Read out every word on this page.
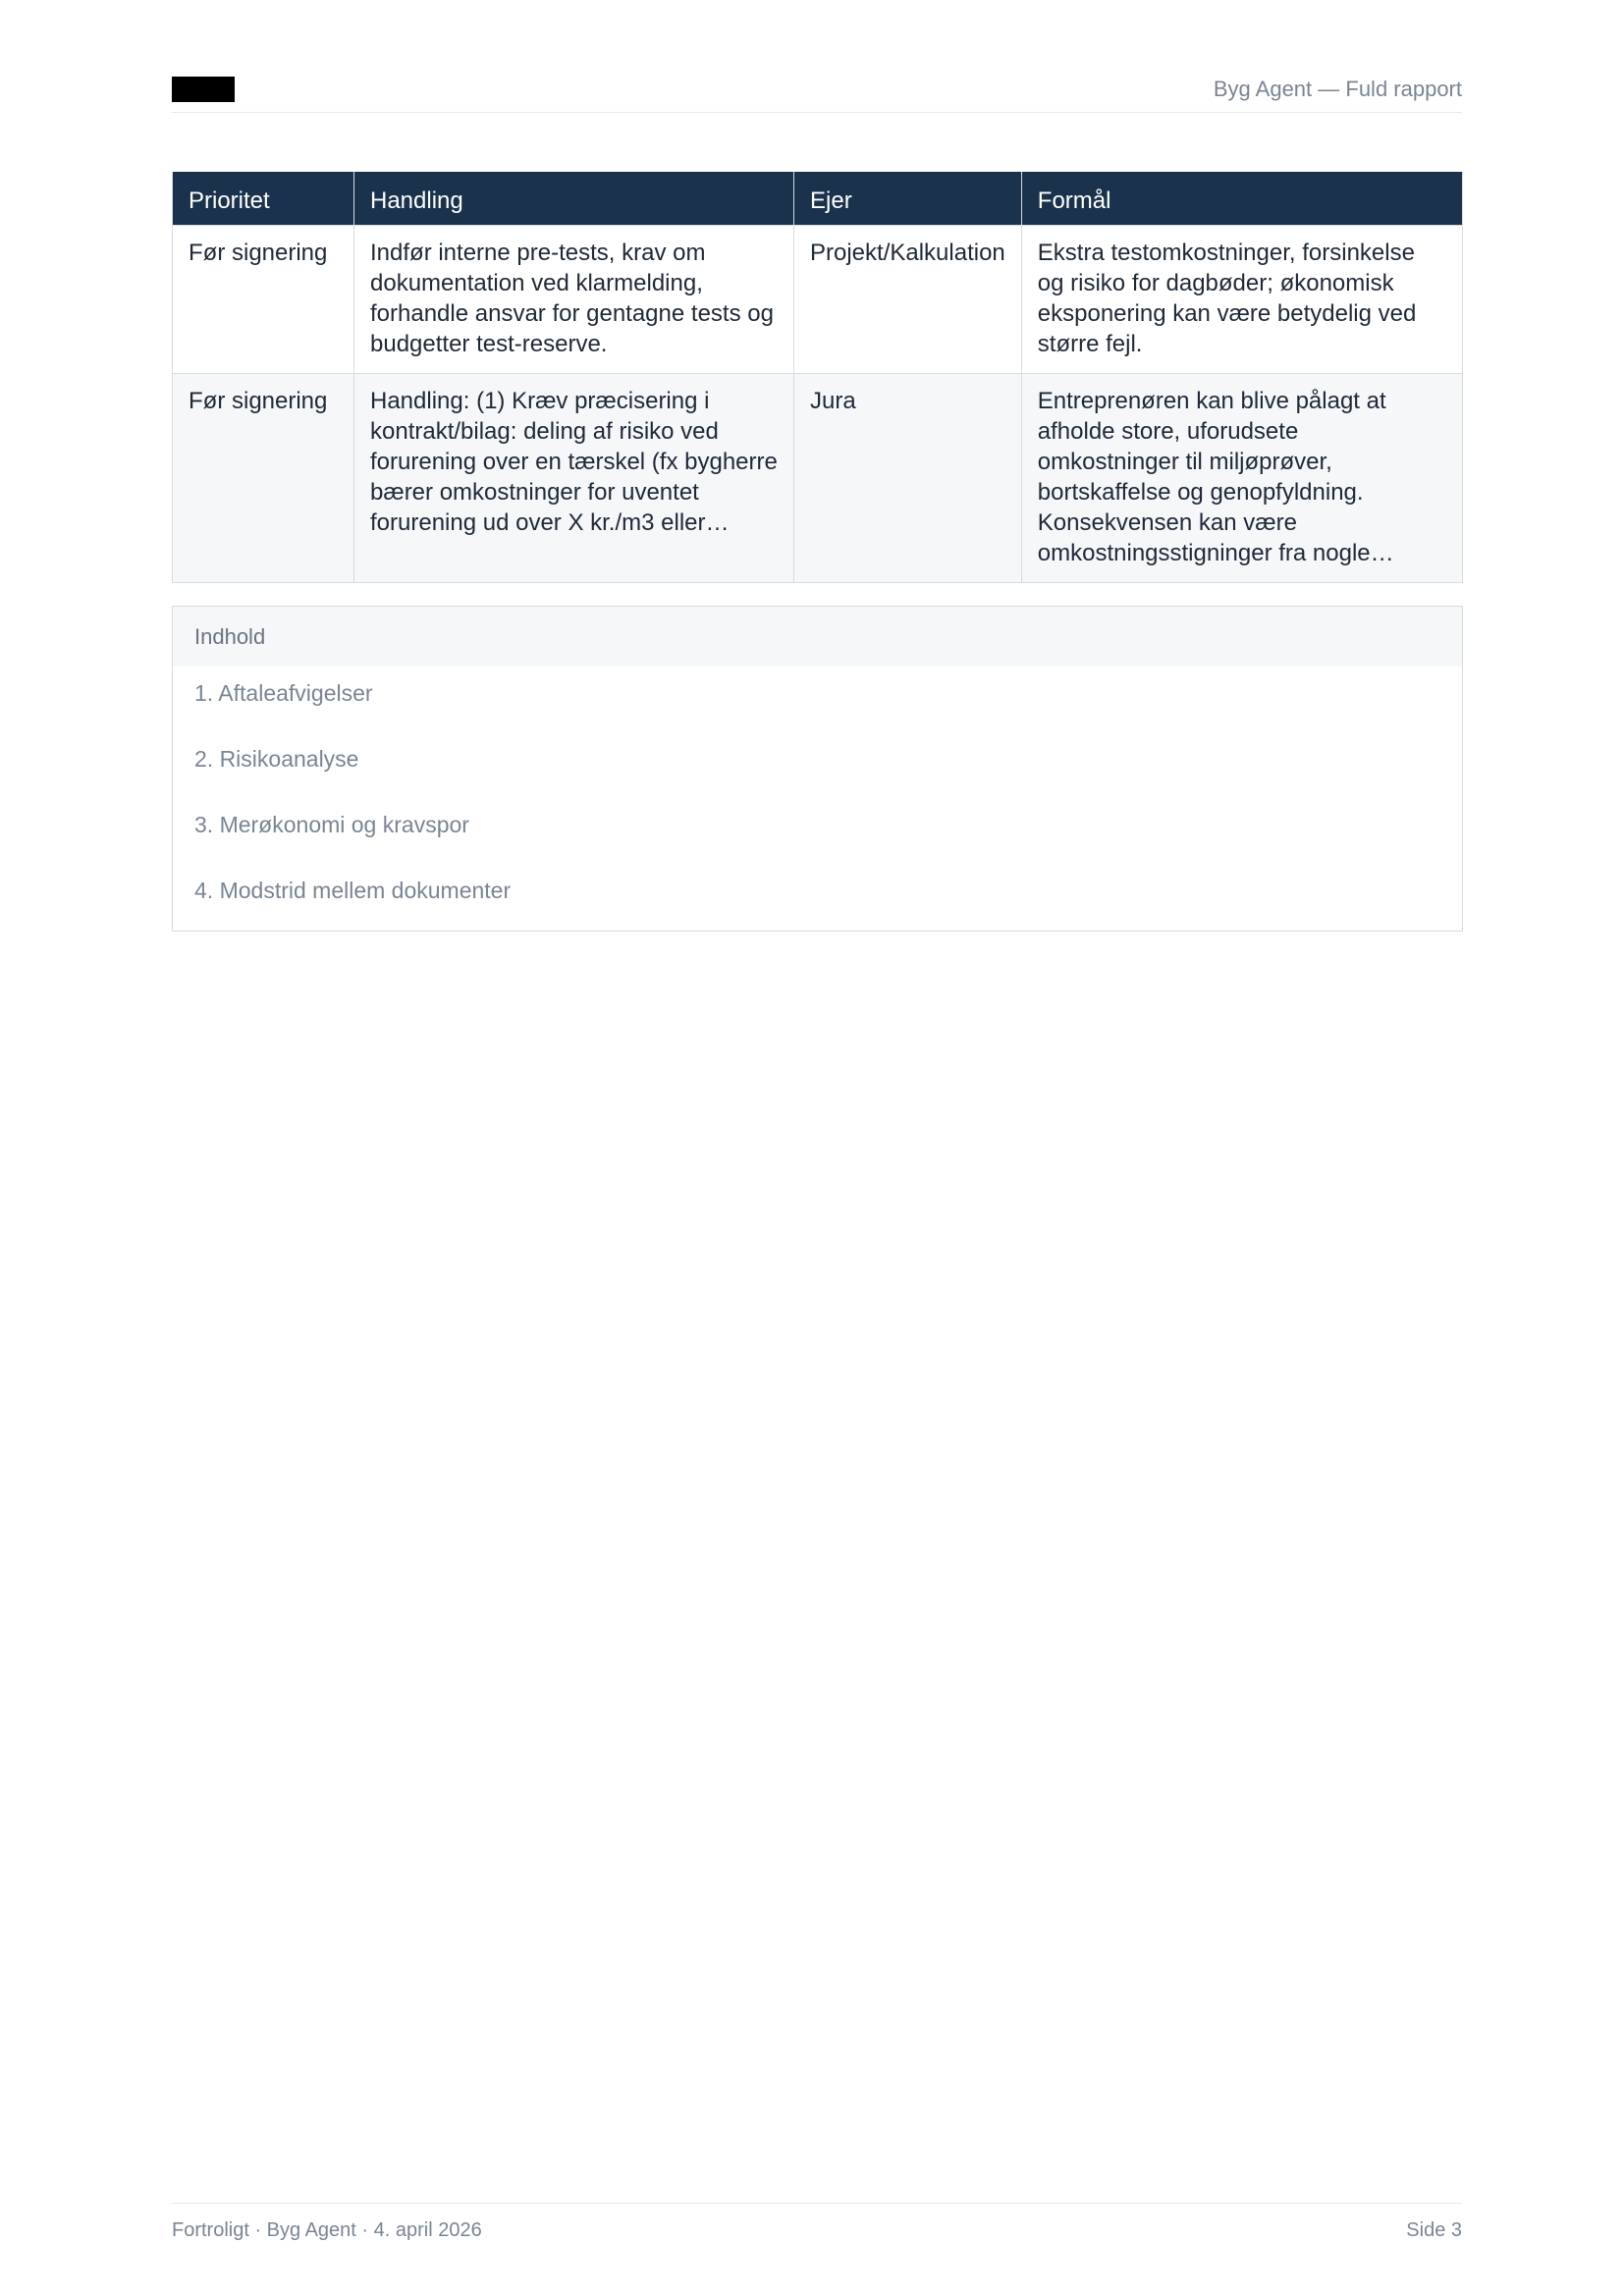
Byg Agent — Fuld rapport
Prioritet	Handling	Ejer	Formål
Før signering	Indfør interne pre-tests, krav om dokumentation ved klarmelding, forhandle ansvar for gentagne tests og budgetter test-reserve.	Projekt/Kalkulation	Ekstra testomkostninger, forsinkelse og risiko for dagbøder; økonomisk eksponering kan være betydelig ved større fejl.
Før signering	Handling: (1) Kræv præcisering i kontrakt/bilag: deling af risiko ved forurening over en tærskel (fx bygherre bærer omkostninger for uventet forurening ud over X kr./m3 eller…	Jura	Entreprenøren kan blive pålagt at afholde store, uforudsete omkostninger til miljøprøver, bortskaffelse og genopfyldning. Konsekvensen kan være omkostningsstigninger fra nogle…
Indhold
1. Aftaleafvigelser
2. Risikoanalyse
3. Merøkonomi og kravspor
4. Modstrid mellem dokumenter
Fortroligt · Byg Agent · 4. april 2026	Side 3
